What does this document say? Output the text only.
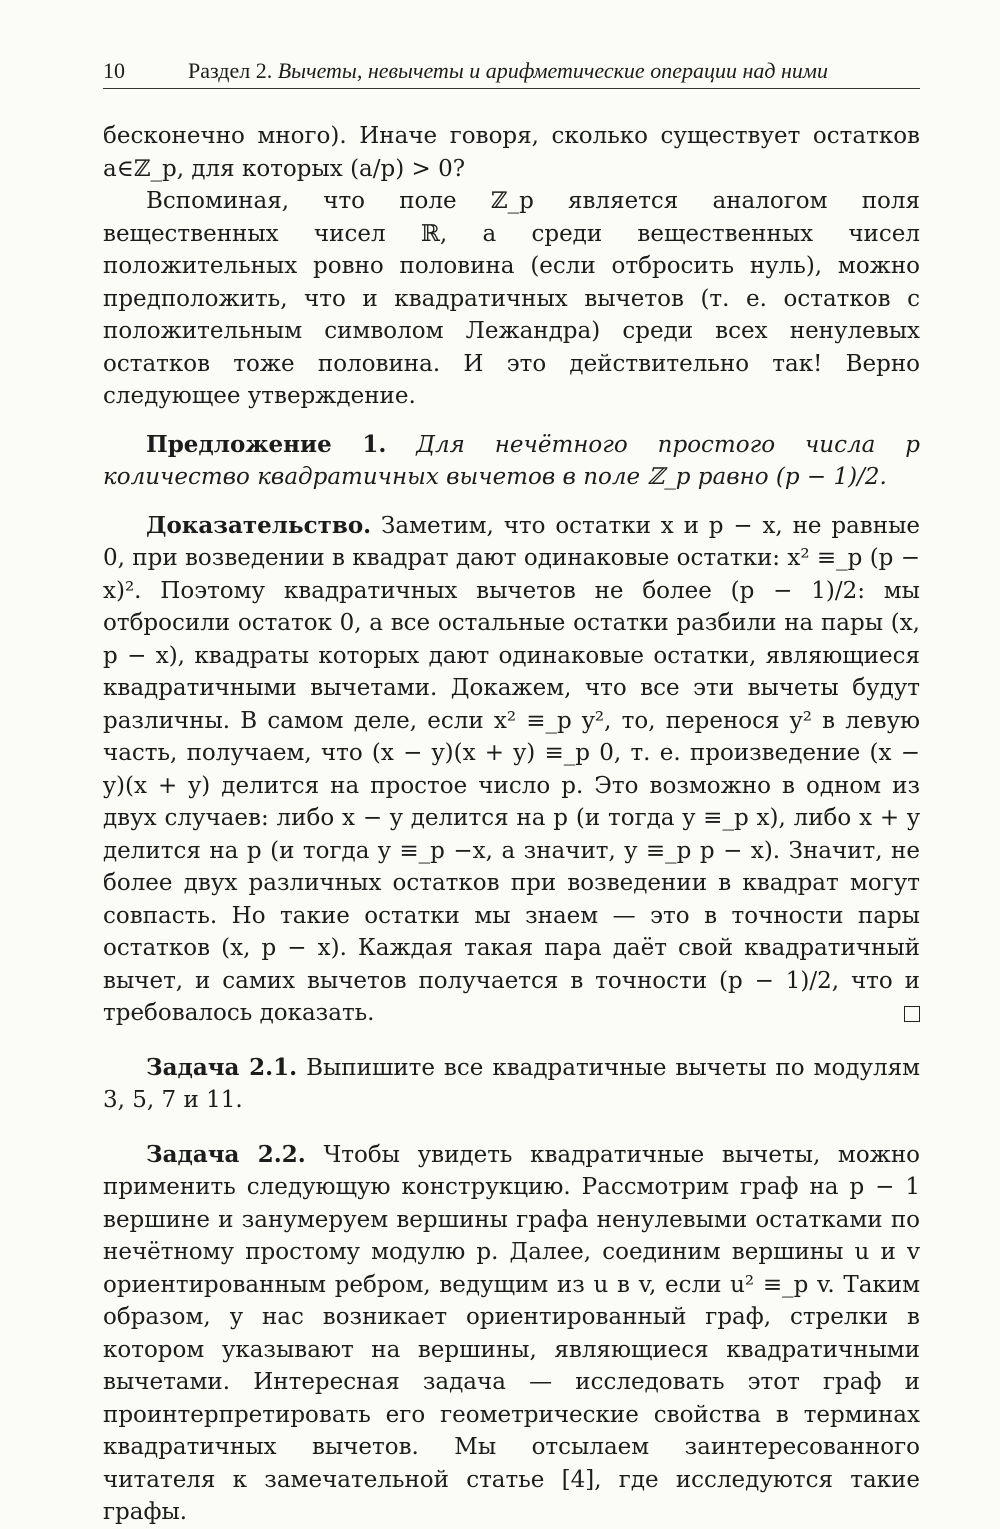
10	Раздел 2. Вычеты, невычеты и арифметические операции над ними

бесконечно много). Иначе говоря, сколько существует остатков a∈ℤ_p, для которых (a/p) > 0?

Вспоминая, что поле ℤ_p является аналогом поля вещественных чисел ℝ, а среди вещественных чисел положительных ровно половина (если отбросить нуль), можно предположить, что и квадратичных вычетов (т. е. остатков с положительным символом Лежандра) среди всех ненулевых остатков тоже половина. И это действительно так! Верно следующее утверждение.

Предложение 1. Для нечётного простого числа p количество квадратичных вычетов в поле ℤ_p равно (p − 1)/2.

Доказательство. Заметим, что остатки x и p − x, не равные 0, при возведении в квадрат дают одинаковые остатки: x² ≡_p (p − x)². Поэтому квадратичных вычетов не более (p − 1)/2: мы отбросили остаток 0, а все остальные остатки разбили на пары (x, p − x), квадраты которых дают одинаковые остатки, являющиеся квадратичными вычетами. Докажем, что все эти вычеты будут различны. В самом деле, если x² ≡_p y², то, перенося y² в левую часть, получаем, что (x − y)(x + y) ≡_p 0, т. е. произведение (x − y)(x + y) делится на простое число p. Это возможно в одном из двух случаев: либо x − y делится на p (и тогда y ≡_p x), либо x + y делится на p (и тогда y ≡_p −x, а значит, y ≡_p p − x). Значит, не более двух различных остатков при возведении в квадрат могут совпасть. Но такие остатки мы знаем — это в точности пары остатков (x, p − x). Каждая такая пара даёт свой квадратичный вычет, и самих вычетов получается в точности (p − 1)/2, что и требовалось доказать.

Задача 2.1. Выпишите все квадратичные вычеты по модулям 3, 5, 7 и 11.

Задача 2.2. Чтобы увидеть квадратичные вычеты, можно применить следующую конструкцию. Рассмотрим граф на p − 1 вершине и занумеруем вершины графа ненулевыми остатками по нечётному простому модулю p. Далее, соединим вершины u и v ориентированным ребром, ведущим из u в v, если u² ≡_p v. Таким образом, у нас возникает ориентированный граф, стрелки в котором указывают на вершины, являющиеся квадратичными вычетами. Интересная задача — исследовать этот граф и проинтерпретировать его геометрические свойства в терминах квадратичных вычетов. Мы отсылаем заинтересованного читателя к замечательной статье [4], где исследуются такие графы.
